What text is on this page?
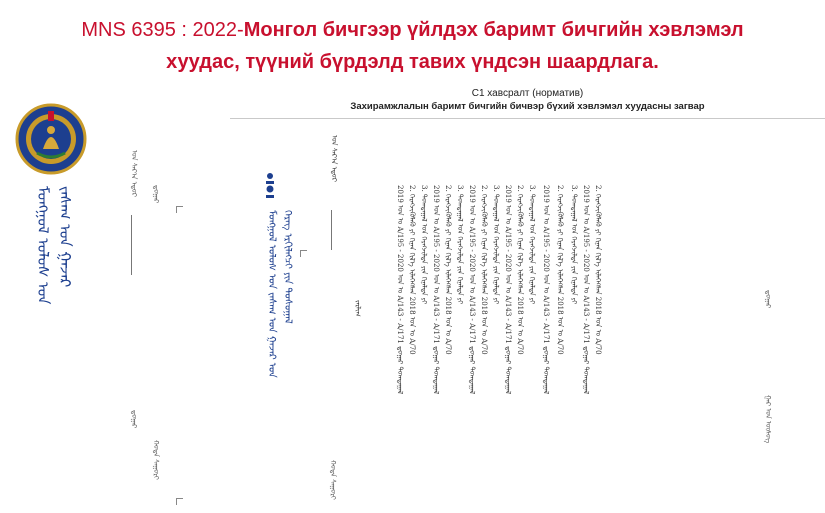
MNS 6395 : 2022-Монгол бичгээр үйлдэх баримт бичгийн хэвлэмэл
хуудас, түүний бүрдэлд тавих үндсэн шаардлага.
C1 хавсралт (норматив)
Захирамжлалын баримт бичгийн бичвэр бүхий хэвлэмэл хуудасны загвар
ᠮᠣᠩᠭᠣᠯ ᠤᠯᠤᠰ ᠤᠨ ᠵᠠᠰᠠᠭ ᠤᠨ ᠭᠠᠵᠠᠷ
ᠣᠨ ᠰᠠᠷ᠎ᠠ ᠡᠳᠦᠷ
ᠳ᠋ᠤᠭᠠᠷ
ᠳ᠋ᠤᠭᠠᠷ
ᠬᠣᠲᠠ ᠰᠠᠭᠤᠷᠢ
ᠮᠣᠩᠭᠣᠯ ᠤᠯᠤᠰ ᠤᠨ ᠵᠠᠰᠠᠭ ᠤᠨ ᠭᠠᠵᠠᠷ ᠤᠨ ᠬᠡᠷᠡᠭ ᠡᠷᠬᠢᠯᠡᠭᠴᠢ ᠶᠢᠨ ᠲᠣᠰᠣᠭᠠᠯ
ᠣᠨ ᠰᠠᠷ᠎ᠠ ᠡᠳᠦᠷ
ᠵᠠᠷᠯᠢᠭ
ᠬᠣᠲᠠ ᠰᠠᠭᠤᠷᠢ
2019 ᠣᠨ ᠤ A/195 - 2020 ᠣᠨ ᠤ A/143 - A/171 ᠳ᠋ᠤᠭᠠᠷ ᠲᠣᠭᠲᠠᠭᠠᠯ 2. ᠬᠡᠷᠡᠭᠵᠢᠭᠦᠯᠡᠬᠦ ᠶᠢ ᠬᠢᠨᠠᠨ ᠬᠢᠯ᠎ᠡ ᠢᠯᠡᠭᠡᠭᠰᠡᠨ 2018 ᠣᠨ ᠤ A/70 3. ᠲᠣᠭᠲᠠᠭᠠᠯ ᠤᠨ ᠬᠡᠷᠡᠭᠵᠢᠯᠲᠡ ᠶᠢᠨ ᠬᠢᠨᠠᠯᠲᠠ ᠶᠢ
2019 ᠣᠨ ᠤ A/195 - 2020 ᠣᠨ ᠤ A/143 - A/171 ᠳ᠋ᠤᠭᠠᠷ ᠲᠣᠭᠲᠠᠭᠠᠯ 2. ᠬᠡᠷᠡᠭᠵᠢᠭᠦᠯᠡᠬᠦ ᠶᠢ ᠬᠢᠨᠠᠨ ᠬᠢᠯ᠎ᠡ ᠢᠯᠡᠭᠡᠭᠰᠡᠨ 2018 ᠣᠨ ᠤ A/70 3. ᠲᠣᠭᠲᠠᠭᠠᠯ ᠤᠨ ᠬᠡᠷᠡᠭᠵᠢᠯᠲᠡ ᠶᠢᠨ ᠬᠢᠨᠠᠯᠲᠠ ᠶᠢ 2019 ᠣᠨ ᠤ A/195 - 2020 ᠣᠨ ᠤ A/143 - A/171 ᠳ᠋ᠤᠭᠠᠷ ᠲᠣᠭᠲᠠᠭᠠᠯ 2. ᠬᠡᠷᠡᠭᠵᠢᠭᠦᠯᠡᠬᠦ ᠶᠢ ᠬᠢᠨᠠᠨ ᠬᠢᠯ᠎ᠡ ᠢᠯᠡᠭᠡᠭᠰᠡᠨ 2018 ᠣᠨ ᠤ A/70 3. ᠲᠣᠭᠲᠠᠭᠠᠯ ᠤᠨ ᠬᠡᠷᠡᠭᠵᠢᠯᠲᠡ ᠶᠢᠨ ᠬᠢᠨᠠᠯᠲᠠ ᠶᠢ 2019 ᠣᠨ ᠤ A/195 - 2020 ᠣᠨ ᠤ A/143 - A/171 ᠳ᠋ᠤᠭᠠᠷ ᠲᠣᠭᠲᠠᠭᠠᠯ 2. ᠬᠡᠷᠡᠭᠵᠢᠭᠦᠯᠡᠬᠦ ᠶᠢ ᠬᠢᠨᠠᠨ ᠬᠢᠯ᠎ᠡ ᠢᠯᠡᠭᠡᠭᠰᠡᠨ 2018 ᠣᠨ ᠤ A/70 3. ᠲᠣᠭᠲᠠᠭᠠᠯ ᠤᠨ ᠬᠡᠷᠡᠭᠵᠢᠯᠲᠡ ᠶᠢᠨ ᠬᠢᠨᠠᠯᠲᠠ ᠶᠢ 2019 ᠣᠨ ᠤ A/195 - 2020 ᠣᠨ ᠤ A/143 - A/171 ᠳ᠋ᠤᠭᠠᠷ ᠲᠣᠭᠲᠠᠭᠠᠯ 2. ᠬᠡᠷᠡᠭᠵᠢᠭᠦᠯᠡᠬᠦ ᠶᠢ ᠬᠢᠨᠠᠨ ᠬᠢᠯ᠎ᠡ ᠢᠯᠡᠭᠡᠭᠰᠡᠨ 2018 ᠣᠨ ᠤ A/70 3. ᠲᠣᠭᠲᠠᠭᠠᠯ ᠤᠨ ᠬᠡᠷᠡᠭᠵᠢᠯᠲᠡ ᠶᠢᠨ ᠬᠢᠨᠠᠯᠲᠠ ᠶᠢ	2019 ᠣᠨ ᠤ A/195 - 2020 ᠣᠨ ᠤ A/143 - A/171 ᠳ᠋ᠤᠭᠠᠷ ᠲᠣᠭᠲᠠᠭᠠᠯ 2. ᠬᠡᠷᠡᠭᠵᠢᠭᠦᠯᠡᠬᠦ ᠶᠢ ᠬᠢᠨᠠᠨ ᠬᠢᠯ᠎ᠡ ᠢᠯᠡᠭᠡᠭᠰᠡᠨ 2018 ᠣᠨ ᠤ A/70	ᠳ᠋ᠤᠭᠠᠷ
ᠭᠠᠷ ᠤᠨ ᠦᠰᠦᠭ
